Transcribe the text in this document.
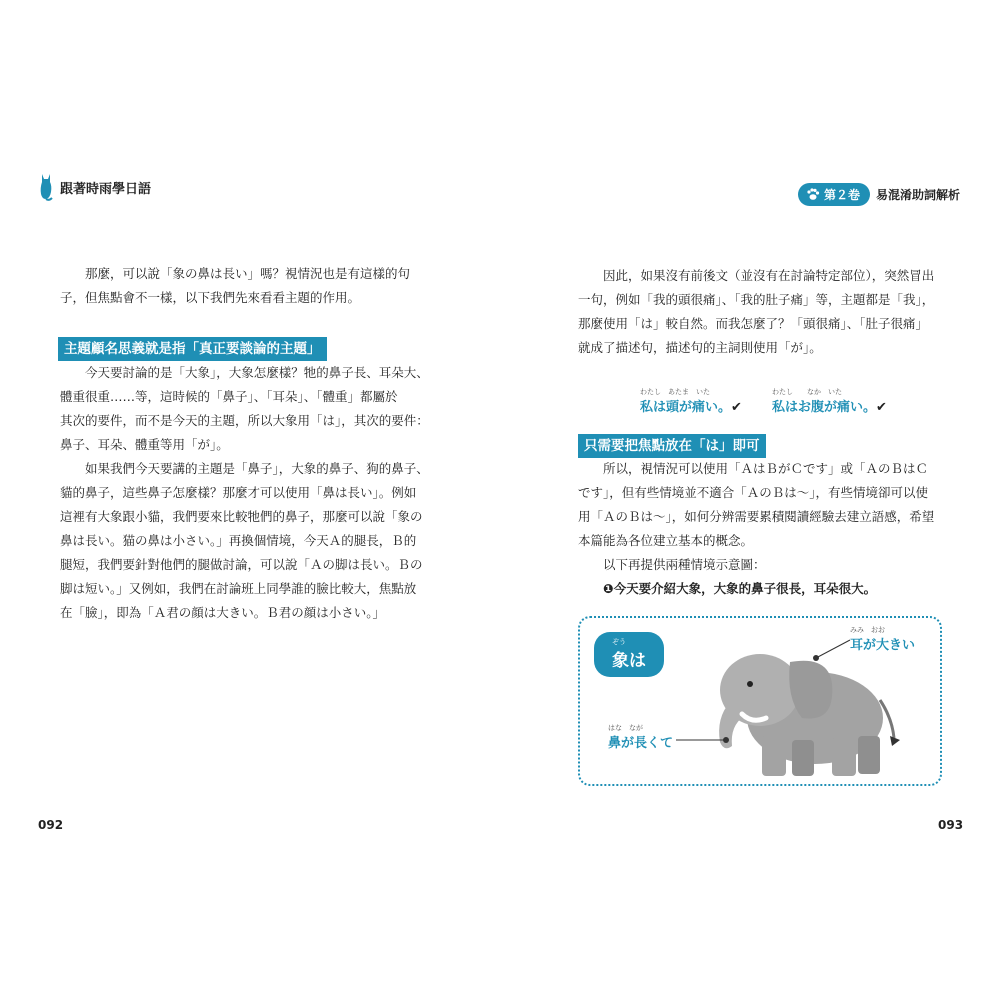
跟著時雨學日語

那麼，可以說「象の鼻は長い」嗎？視情況也是有這樣的句

子，但焦點會不一樣，以下我們先來看看主題的作用。

主題顧名思義就是指「真正要談論的主題」

今天要討論的是「大象」，大象怎麼樣？牠的鼻子長、耳朵大、

體重很重……等，這時候的「鼻子」、「耳朵」、「體重」都屬於

其次的要件，而不是今天的主題，所以大象用「は」，其次的要件：

鼻子、耳朵、體重等用「が」。

如果我們今天要講的主題是「鼻子」，大象的鼻子、狗的鼻子、

貓的鼻子，這些鼻子怎麼樣？那麼才可以使用「鼻は長い」。例如

這裡有大象跟小貓，我們要來比較牠們的鼻子，那麼可以說「象の

鼻は長い。猫の鼻は小さい。」再換個情境，今天Ａ的腿長，Ｂ的

腿短，我們要針對他們的腿做討論，可以說「Ａの脚は長い。Ｂの

脚は短い。」又例如，我們在討論班上同學誰的臉比較大，焦點放

在「臉」，即為「Ａ君の顔は大きい。Ｂ君の顔は小さい。」

092
第２卷 易混淆助詞解析

因此，如果沒有前後文（並沒有在討論特定部位），突然冒出

一句，例如「我的頭很痛」、「我的肚子痛」等，主題都是「我」，

那麼使用「は」較自然。而我怎麼了？「頭很痛」、「肚子很痛」

就成了描述句，描述句的主詞則使用「が」。

わたし　あたま　いた
私は頭が痛い。✔
わたし　　なか　いた
私はお腹が痛い。✔
只需要把焦點放在「は」即可

所以，視情況可以使用「ＡはＢがＣです」或「ＡのＢはＣ

です」，但有些情境並不適合「ＡのＢは～」，有些情境卻可以使

用「ＡのＢは～」，如何分辨需要累積閱讀經驗去建立語感，希望

本篇能為各位建立基本的概念。

以下再提供兩種情境示意圖：

❶今天要介紹大象，大象的鼻子很長，耳朵很大。

ぞう
象は
みみ　おお
耳が大きい
はな　なが
鼻が長くて
093
